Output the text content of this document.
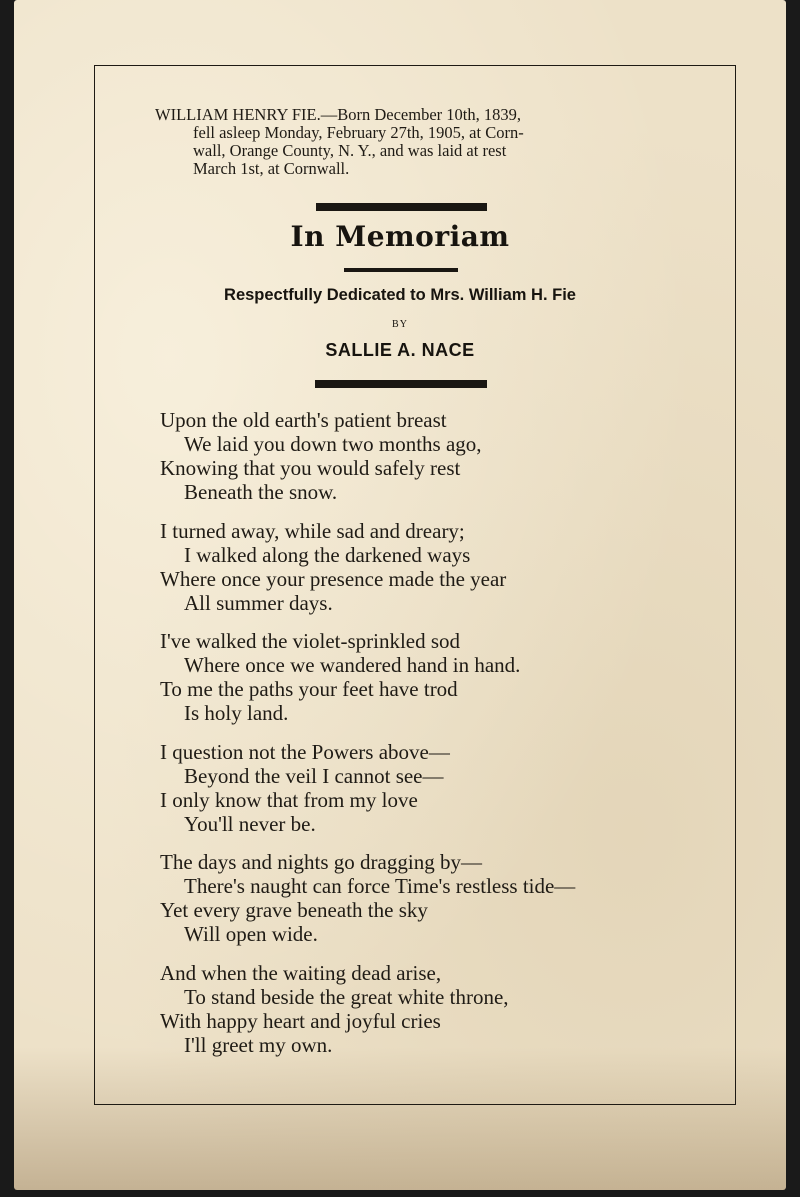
WILLIAM HENRY FIE.—Born December 10th, 1839,
fell asleep Monday, February 27th, 1905, at Corn-
wall, Orange County, N. Y., and was laid at rest
March 1st, at Cornwall.
In Memoriam
Respectfully Dedicated to Mrs. William H. Fie
BY
SALLIE A. NACE
Upon the old earth's patient breast
We laid you down two months ago,
Knowing that you would safely rest
Beneath the snow.
I turned away, while sad and dreary;
I walked along the darkened ways
Where once your presence made the year
All summer days.
I've walked the violet-sprinkled sod
Where once we wandered hand in hand.
To me the paths your feet have trod
Is holy land.
I question not the Powers above—
Beyond the veil I cannot see—
I only know that from my love
You'll never be.
The days and nights go dragging by—
There's naught can force Time's restless tide—
Yet every grave beneath the sky
Will open wide.
And when the waiting dead arise,
To stand beside the great white throne,
With happy heart and joyful cries
I'll greet my own.
